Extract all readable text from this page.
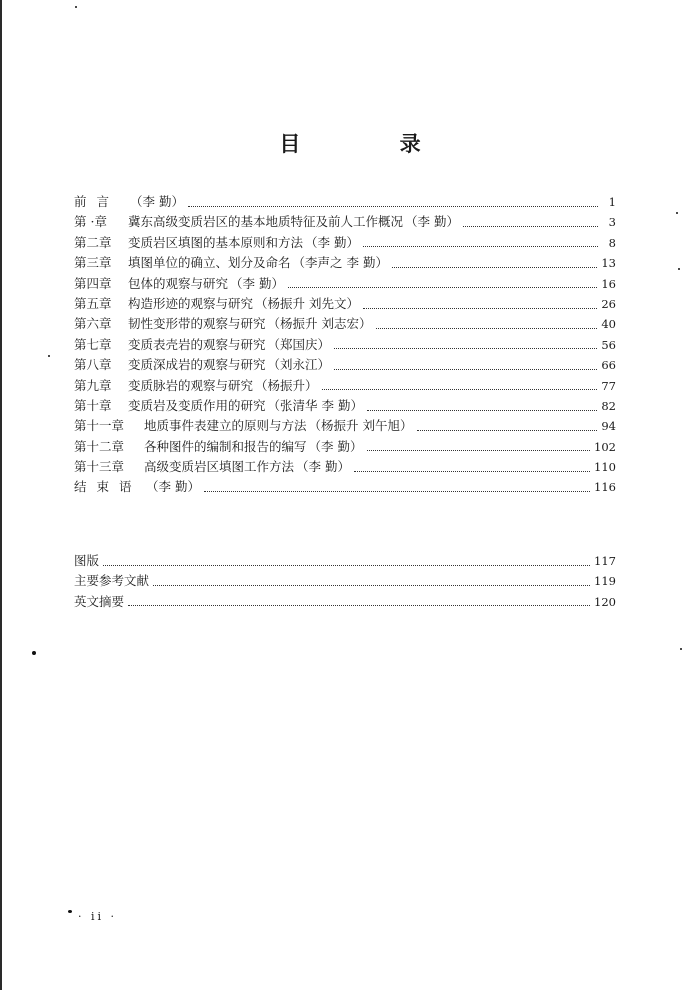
目 录
前 言	（李 勤）	1
第 ·章	冀东高级变质岩区的基本地质特征及前人工作概况 （李 勤）	3
第二章	变质岩区填图的基本原则和方法 （李 勤）	8
第三章	填图单位的确立、划分及命名 （李声之 李 勤）	13
第四章	包体的观察与研究 （李 勤）	16
第五章	构造形迹的观察与研究 （杨振升 刘先文）	26
第六章	韧性变形带的观察与研究 （杨振升 刘志宏）	40
第七章	变质表壳岩的观察与研究 （郑国庆）	56
第八章	变质深成岩的观察与研究 （刘永江）	66
第九章	变质脉岩的观察与研究 （杨振升）	77
第十章	变质岩及变质作用的研究 （张清华 李 勤）	82
第十一章	地质事件表建立的原则与方法 （杨振升 刘午旭）	94
第十二章	各种图件的编制和报告的编写 （李 勤）	102
第十三章	高级变质岩区填图工作方法 （李 勤）	110
结 束 语 （李 勤）	116
图版	117
主要参考文献	119
英文摘要	120
· ii ·
